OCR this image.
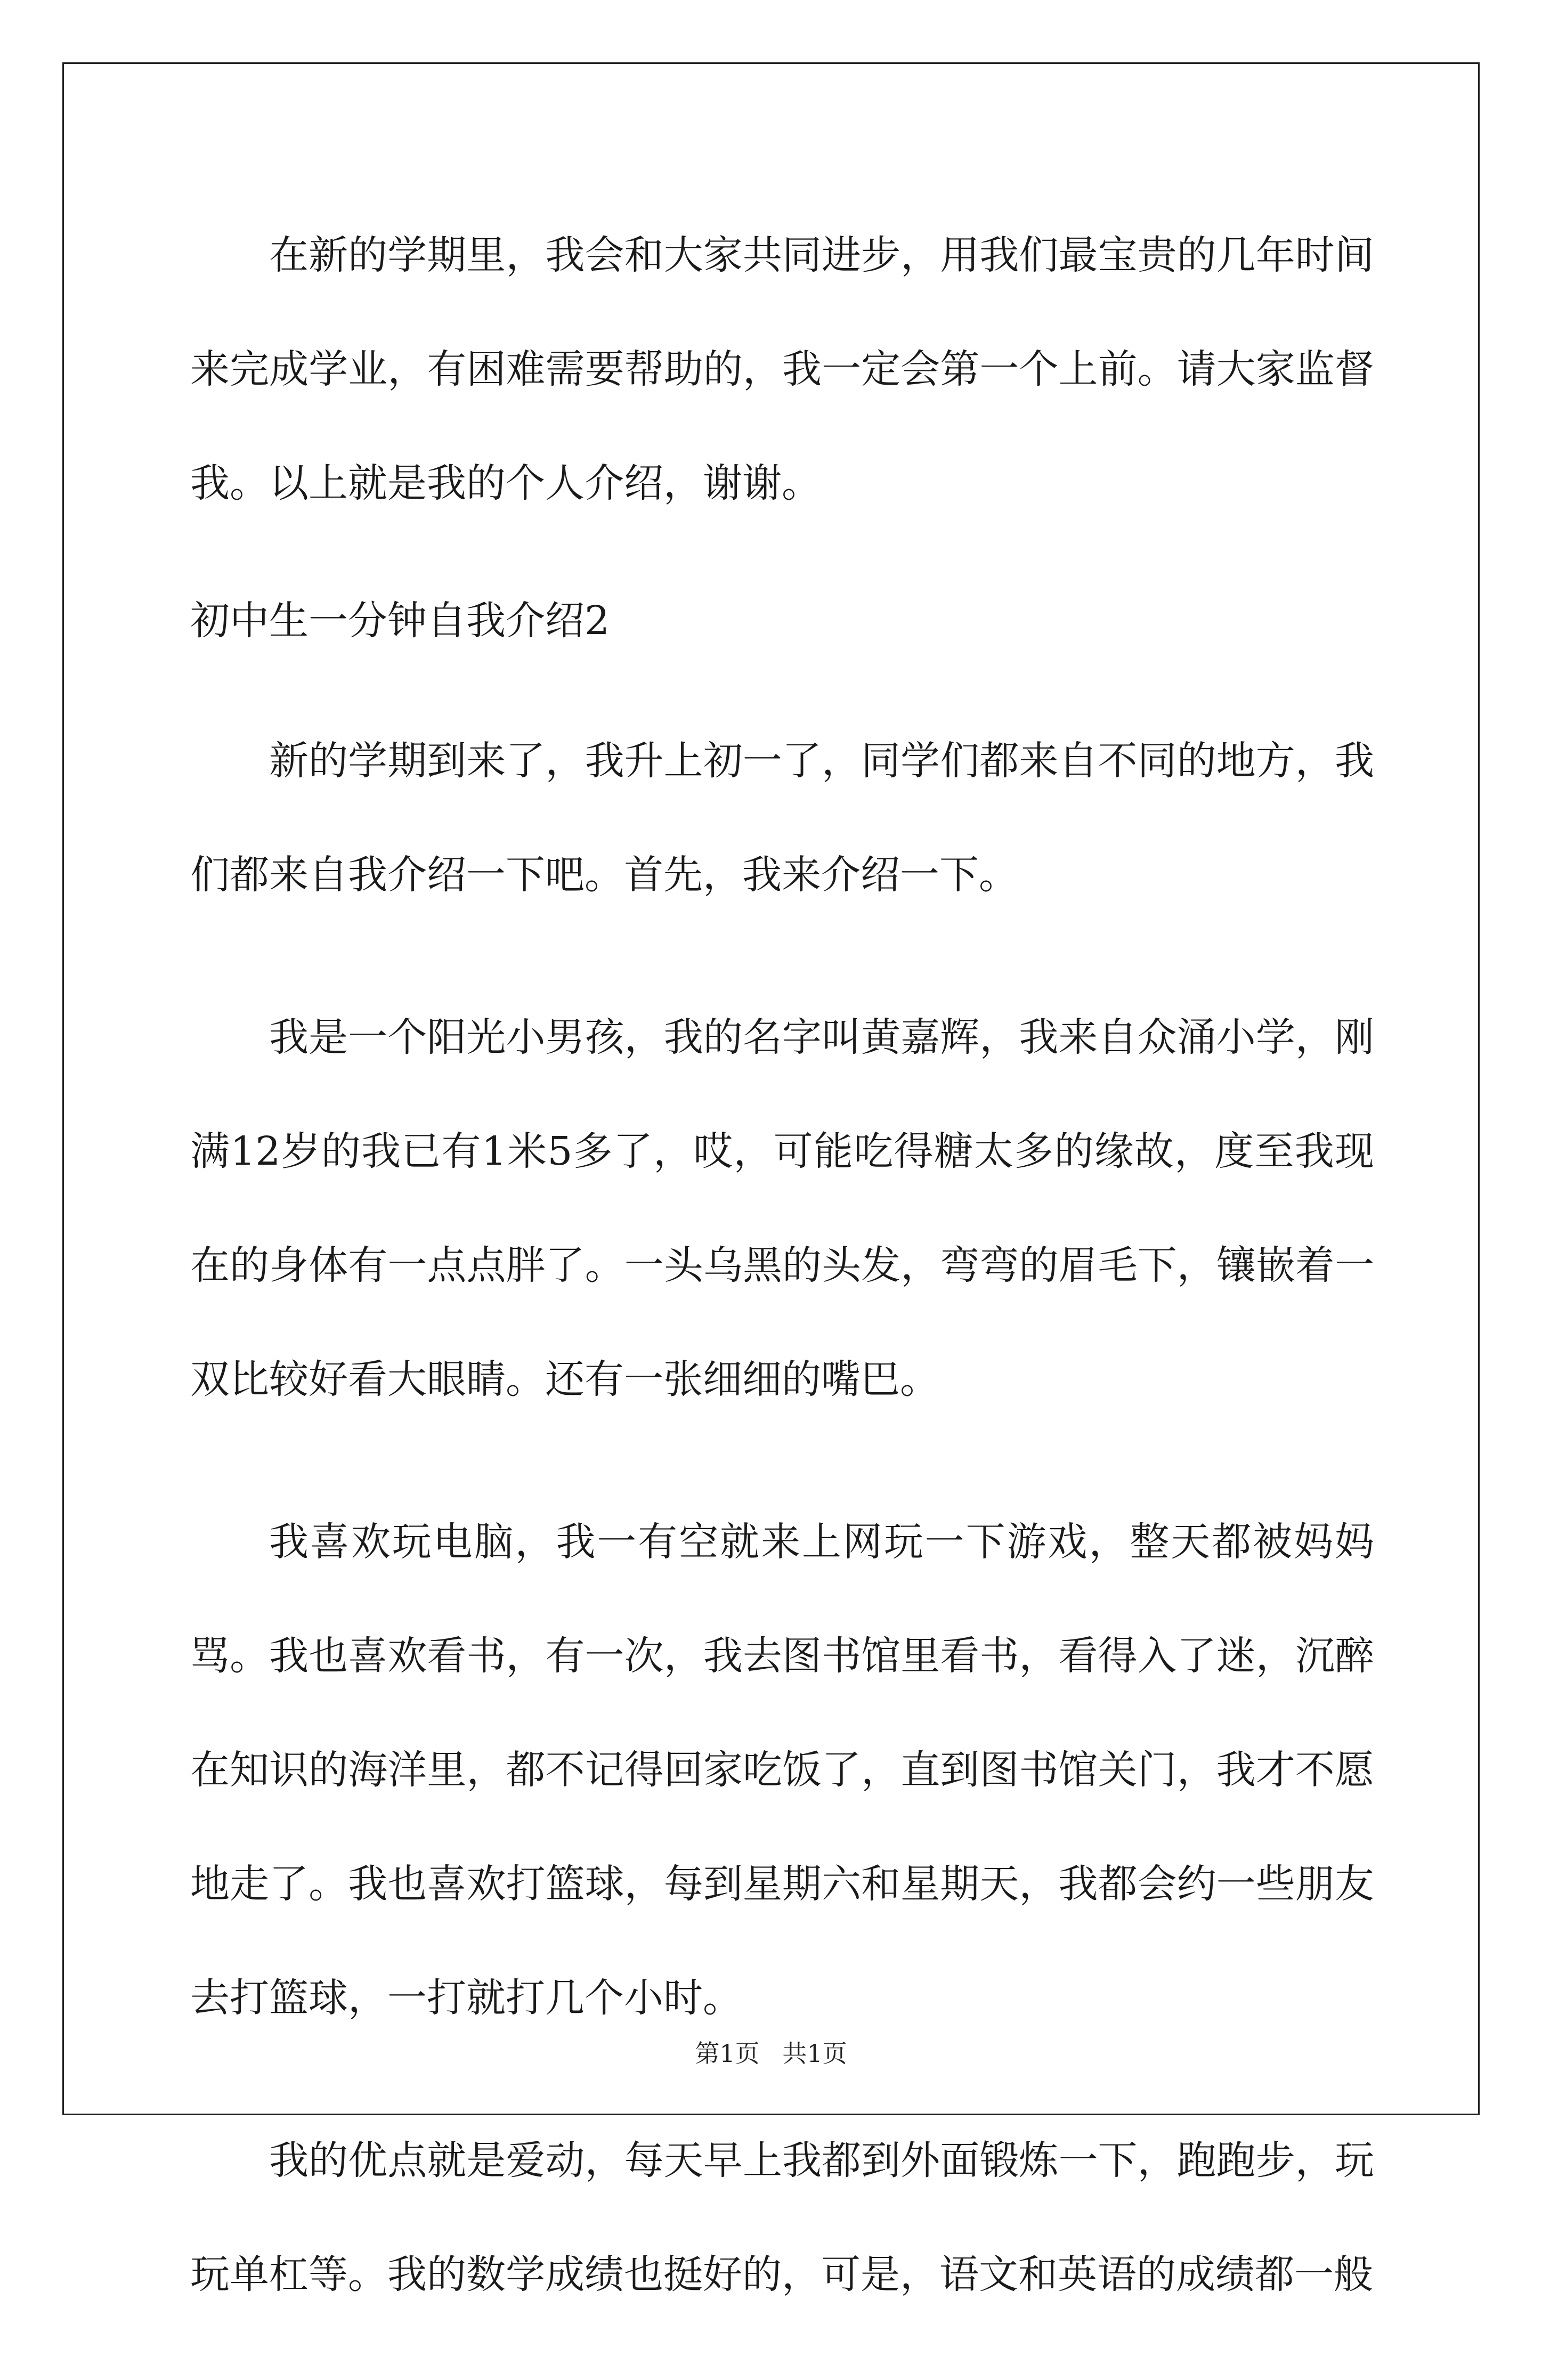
在新的学期里，我会和大家共同进步，用我们最宝贵的几年时间来完成学业，有困难需要帮助的，我一定会第一个上前。请大家监督我。以上就是我的个人介绍，谢谢。

初中生一分钟自我介绍2

新的学期到来了，我升上初一了，同学们都来自不同的地方，我们都来自我介绍一下吧。首先，我来介绍一下。

我是一个阳光小男孩，我的名字叫黄嘉辉，我来自众涌小学，刚满12岁的我已有1米5多了，哎，可能吃得糖太多的缘故，度至我现在的身体有一点点胖了。一头乌黑的头发，弯弯的眉毛下，镶嵌着一双比较好看大眼睛。还有一张细细的嘴巴。

我喜欢玩电脑，我一有空就来上网玩一下游戏，整天都被妈妈骂。我也喜欢看书，有一次，我去图书馆里看书，看得入了迷，沉醉在知识的海洋里，都不记得回家吃饭了，直到图书馆关门，我才不愿地走了。我也喜欢打篮球，每到星期六和星期天，我都会约一些朋友去打篮球，一打就打几个小时。

我的优点就是爱动，每天早上我都到外面锻炼一下，跑跑步，玩玩单杠等。我的数学成绩也挺好的，可是，语文和英语的成绩都一般

第1页 共1页
